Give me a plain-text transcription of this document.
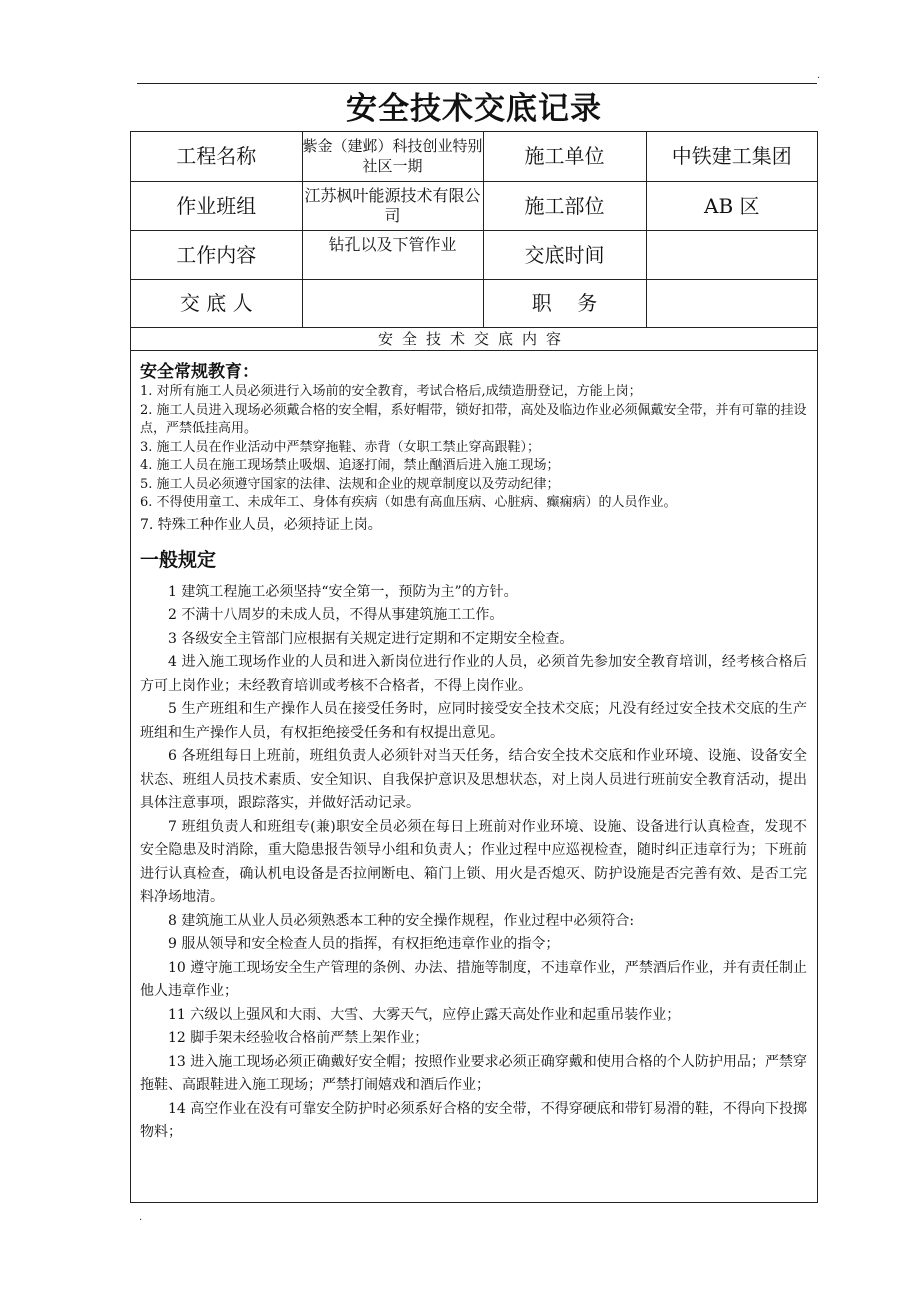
·
安全技术交底记录
工程名称	紫金（建邺）科技创业特别社区一期	施工单位	中铁建工集团
作业班组	江苏枫叶能源技术有限公司	施工部位	AB 区
工作内容	钻孔以及下管作业	交底时间	
交 底 人		职    务	
安全技术交底内容			
安全常规教育：

1. 对所有施工人员必须进行入场前的安全教育，考试合格后,成绩造册登记，方能上岗；

2. 施工人员进入现场必须戴合格的安全帽，系好帽带，锁好扣带，高处及临边作业必须佩戴安全带，并有可靠的挂设点，严禁低挂高用。

3. 施工人员在作业活动中严禁穿拖鞋、赤背（女职工禁止穿高跟鞋）；

4. 施工人员在施工现场禁止吸烟、追逐打闹，禁止酗酒后进入施工现场；

5. 施工人员必须遵守国家的法律、法规和企业的规章制度以及劳动纪律；

6. 不得使用童工、未成年工、身体有疾病（如患有高血压病、心脏病、癫痫病）的人员作业。

7. 特殊工种作业人员，必须持证上岗。

一般规定

1 建筑工程施工必须坚持“安全第一，预防为主”的方针。

2 不满十八周岁的未成人员，不得从事建筑施工工作。

3 各级安全主管部门应根据有关规定进行定期和不定期安全检查。

4 进入施工现场作业的人员和进入新岗位进行作业的人员，必须首先参加安全教育培训，经考核合格后方可上岗作业；未经教育培训或考核不合格者，不得上岗作业。

5 生产班组和生产操作人员在接受任务时，应同时接受安全技术交底；凡没有经过安全技术交底的生产班组和生产操作人员，有权拒绝接受任务和有权提出意见。

6 各班组每日上班前，班组负责人必须针对当天任务，结合安全技术交底和作业环境、设施、设备安全状态、班组人员技术素质、安全知识、自我保护意识及思想状态，对上岗人员进行班前安全教育活动，提出具体注意事项，跟踪落实，并做好活动记录。

7 班组负责人和班组专(兼)职安全员必须在每日上班前对作业环境、设施、设备进行认真检查，发现不安全隐患及时消除，重大隐患报告领导小组和负责人；作业过程中应巡视检查，随时纠正违章行为；下班前进行认真检查，确认机电设备是否拉闸断电、箱门上锁、用火是否熄灭、防护设施是否完善有效、是否工完料净场地清。

8 建筑施工从业人员必须熟悉本工种的安全操作规程，作业过程中必须符合:

9 服从领导和安全检查人员的指挥，有权拒绝违章作业的指令；

10 遵守施工现场安全生产管理的条例、办法、措施等制度，不违章作业，严禁酒后作业，并有责任制止他人违章作业；

11 六级以上强风和大雨、大雪、大雾天气，应停止露天高处作业和起重吊装作业；

12 脚手架未经验收合格前严禁上架作业；

13 进入施工现场必须正确戴好安全帽；按照作业要求必须正确穿戴和使用合格的个人防护用品；严禁穿拖鞋、高跟鞋进入施工现场；严禁打闹嬉戏和酒后作业；

14 高空作业在没有可靠安全防护时必须系好合格的安全带，不得穿硬底和带钉易滑的鞋，不得向下投掷物料；

·
